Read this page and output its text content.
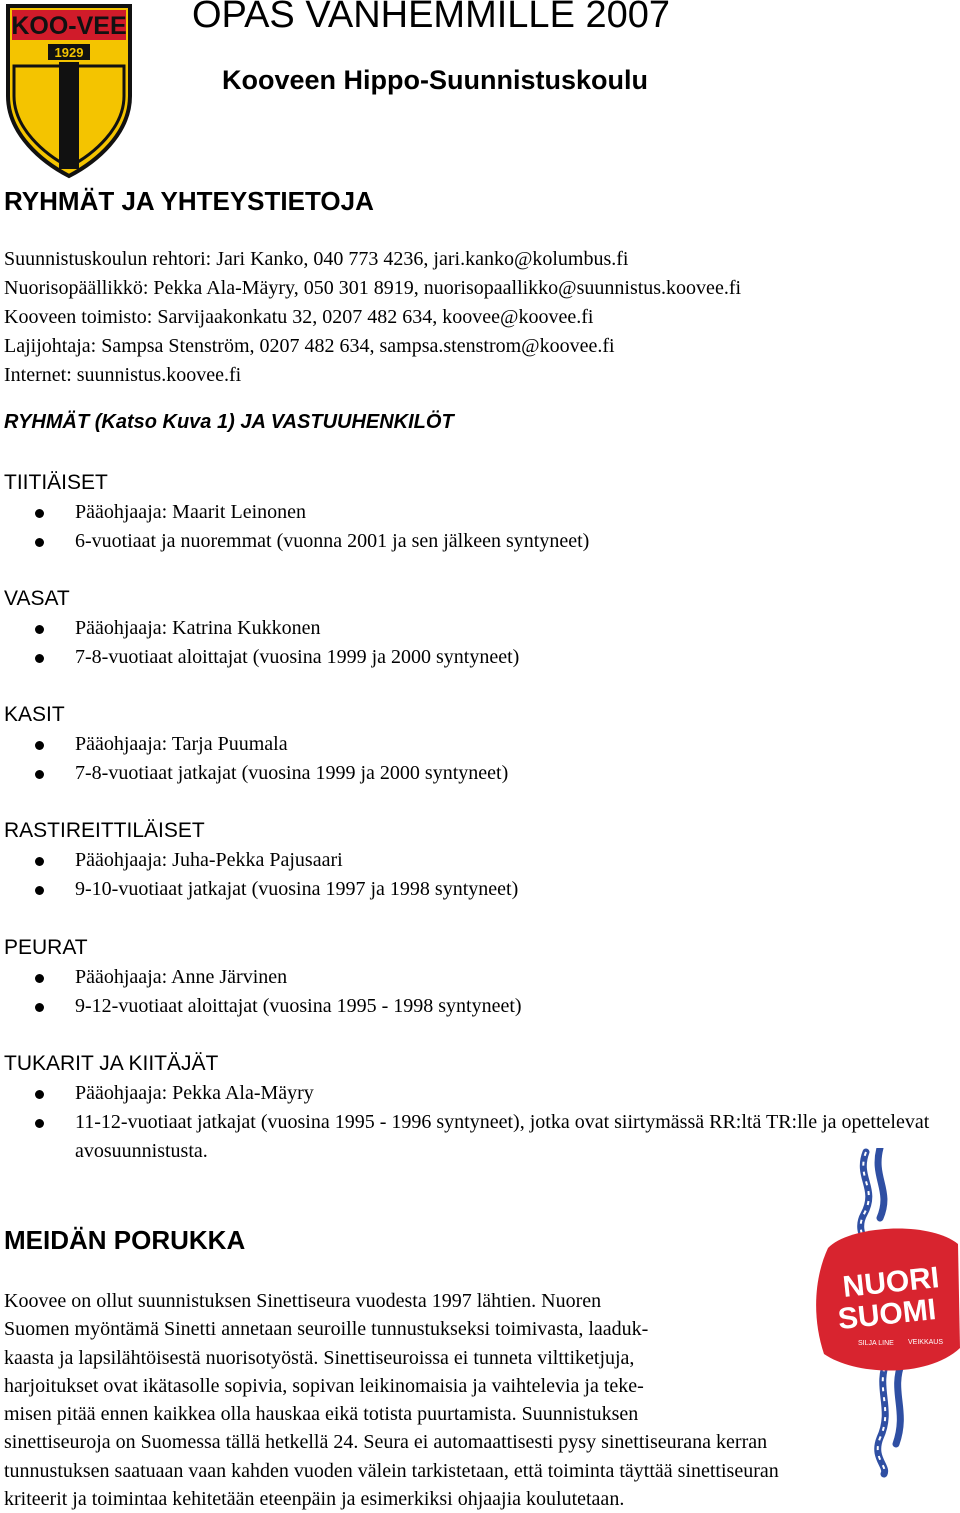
KOO-VEE
1929
OPAS VANHEMMILLE 2007
Kooveen Hippo-Suunnistuskoulu
RYHMÄT JA YHTEYSTIETOJA
Suunnistuskoulun rehtori: Jari Kanko, 040 773 4236, jari.kanko@kolumbus.fi
Nuorisopäällikkö: Pekka Ala-Mäyry, 050 301 8919, nuorisopaallikko@suunnistus.koovee.fi
Kooveen toimisto: Sarvijaakonkatu 32, 0207 482 634, koovee@koovee.fi
Lajijohtaja: Sampsa Stenström, 0207 482 634, sampsa.stenstrom@koovee.fi
Internet: suunnistus.koovee.fi
RYHMÄT (Katso Kuva 1) JA VASTUUHENKILÖT
TIITIÄISET
Pääohjaaja: Maarit Leinonen
6-vuotiaat ja nuoremmat (vuonna 2001 ja sen jälkeen syntyneet)
VASAT
Pääohjaaja: Katrina Kukkonen
7-8-vuotiaat aloittajat (vuosina 1999 ja 2000 syntyneet)
KASIT
Pääohjaaja: Tarja Puumala
7-8-vuotiaat jatkajat (vuosina 1999 ja 2000 syntyneet)
RASTIREITTILÄISET
Pääohjaaja: Juha-Pekka Pajusaari
9-10-vuotiaat jatkajat (vuosina 1997 ja 1998 syntyneet)
PEURAT
Pääohjaaja: Anne Järvinen
9-12-vuotiaat aloittajat (vuosina 1995 - 1998 syntyneet)
TUKARIT JA KIITÄJÄT
Pääohjaaja: Pekka Ala-Mäyry
11-12-vuotiaat jatkajat (vuosina 1995 - 1996 syntyneet), jotka ovat siirtymässä RR:ltä TR:lle ja opettelevat avosuunnistusta.
MEIDÄN PORUKKA
Koovee on ollut suunnistuksen Sinettiseura vuodesta 1997 lähtien. Nuoren
Suomen myöntämä Sinetti annetaan seuroille tunnustukseksi toimivasta, laaduk-
kaasta ja lapsilähtöisestä nuorisotyöstä. Sinettiseuroissa ei tunneta vilttiketjuja,
harjoitukset ovat ikätasolle sopivia, sopivan leikinomaisia ja vaihtelevia ja teke-
misen pitää ennen kaikkea olla hauskaa eikä totista puurtamista. Suunnistuksen
sinettiseuroja on Suomessa tällä hetkellä 24. Seura ei automaattisesti pysy sinettiseurana kerran
tunnustuksen saatuaan vaan kahden vuoden välein tarkistetaan, että toiminta täyttää sinettiseuran
kriteerit ja toimintaa kehitetään eteenpäin ja esimerkiksi ohjaajia koulutetaan.
NUORI
SUOMI
SILJA LINE VEIKKAUS
